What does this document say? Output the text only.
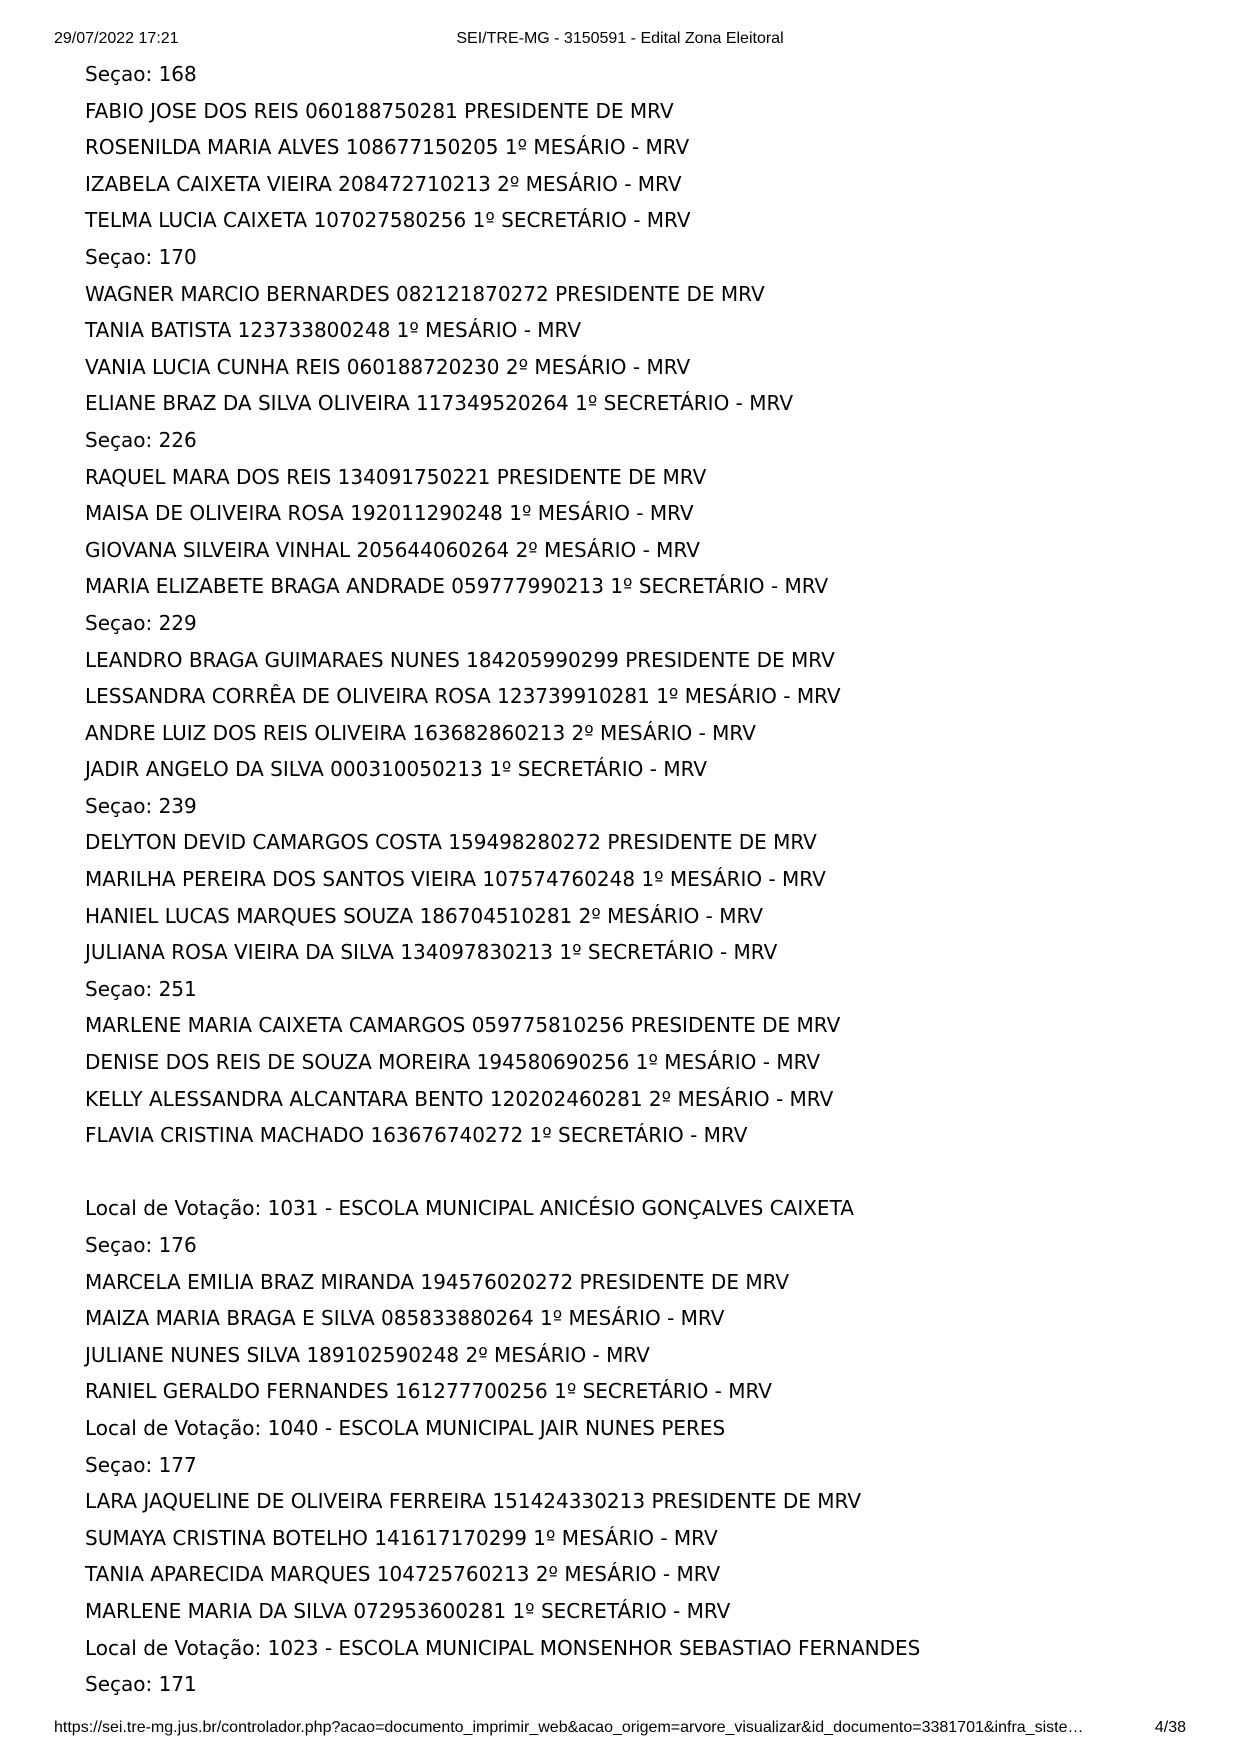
29/07/2022 17:21	SEI/TRE-MG - 3150591 - Edital Zona Eleitoral
Seçao: 168
FABIO JOSE DOS REIS 060188750281 PRESIDENTE DE MRV
ROSENILDA MARIA ALVES 108677150205 1º MESÁRIO - MRV
IZABELA CAIXETA VIEIRA 208472710213 2º MESÁRIO - MRV
TELMA LUCIA CAIXETA 107027580256 1º SECRETÁRIO - MRV
Seçao: 170
WAGNER MARCIO BERNARDES 082121870272 PRESIDENTE DE MRV
TANIA BATISTA 123733800248 1º MESÁRIO - MRV
VANIA LUCIA CUNHA REIS 060188720230 2º MESÁRIO - MRV
ELIANE BRAZ DA SILVA OLIVEIRA 117349520264 1º SECRETÁRIO - MRV
Seçao: 226
RAQUEL MARA DOS REIS 134091750221 PRESIDENTE DE MRV
MAISA DE OLIVEIRA ROSA 192011290248 1º MESÁRIO - MRV
GIOVANA SILVEIRA VINHAL 205644060264 2º MESÁRIO - MRV
MARIA ELIZABETE BRAGA ANDRADE 059777990213 1º SECRETÁRIO - MRV
Seçao: 229
LEANDRO BRAGA GUIMARAES NUNES 184205990299 PRESIDENTE DE MRV
LESSANDRA CORRÊA DE OLIVEIRA ROSA 123739910281 1º MESÁRIO - MRV
ANDRE LUIZ DOS REIS OLIVEIRA 163682860213 2º MESÁRIO - MRV
JADIR ANGELO DA SILVA 000310050213 1º SECRETÁRIO - MRV
Seçao: 239
DELYTON DEVID CAMARGOS COSTA 159498280272 PRESIDENTE DE MRV
MARILHA PEREIRA DOS SANTOS VIEIRA 107574760248 1º MESÁRIO - MRV
HANIEL LUCAS MARQUES SOUZA 186704510281 2º MESÁRIO - MRV
JULIANA ROSA VIEIRA DA SILVA 134097830213 1º SECRETÁRIO - MRV
Seçao: 251
MARLENE MARIA CAIXETA CAMARGOS 059775810256 PRESIDENTE DE MRV
DENISE DOS REIS DE SOUZA MOREIRA 194580690256 1º MESÁRIO - MRV
KELLY ALESSANDRA ALCANTARA BENTO 120202460281 2º MESÁRIO - MRV
FLAVIA CRISTINA MACHADO 163676740272 1º SECRETÁRIO - MRV
Local de Votação: 1031 - ESCOLA MUNICIPAL ANICÉSIO GONÇALVES CAIXETA
Seçao: 176
MARCELA EMILIA BRAZ MIRANDA 194576020272 PRESIDENTE DE MRV
MAIZA MARIA BRAGA E SILVA 085833880264 1º MESÁRIO - MRV
JULIANE NUNES SILVA 189102590248 2º MESÁRIO - MRV
RANIEL GERALDO FERNANDES 161277700256 1º SECRETÁRIO - MRV
Local de Votação: 1040 - ESCOLA MUNICIPAL JAIR NUNES PERES
Seçao: 177
LARA JAQUELINE DE OLIVEIRA FERREIRA 151424330213 PRESIDENTE DE MRV
SUMAYA CRISTINA BOTELHO 141617170299 1º MESÁRIO - MRV
TANIA APARECIDA MARQUES 104725760213 2º MESÁRIO - MRV
MARLENE MARIA DA SILVA 072953600281 1º SECRETÁRIO - MRV
Local de Votação: 1023 - ESCOLA MUNICIPAL MONSENHOR SEBASTIAO FERNANDES
Seçao: 171
https://sei.tre-mg.jus.br/controlador.php?acao=documento_imprimir_web&acao_origem=arvore_visualizar&id_documento=3381701&infra_siste…	4/38
